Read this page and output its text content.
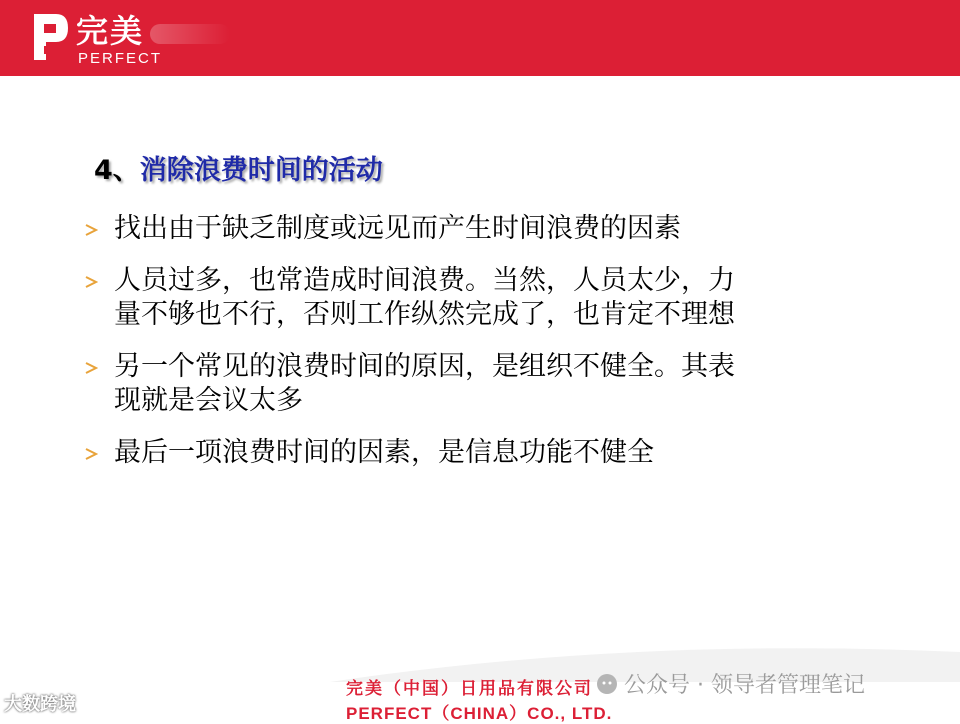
完美
PERFECT
4、消除浪费时间的活动
找出由于缺乏制度或远见而产生时间浪费的因素
人员过多，也常造成时间浪费。当然，人员太少，力
量不够也不行，否则工作纵然完成了，也肯定不理想
另一个常见的浪费时间的原因，是组织不健全。其表
现就是会议太多
最后一项浪费时间的因素，是信息功能不健全
完美（中国）日用品有限公司
PERFECT（CHINA）CO., LTD.
公众号 · 领导者管理笔记
大数跨境
